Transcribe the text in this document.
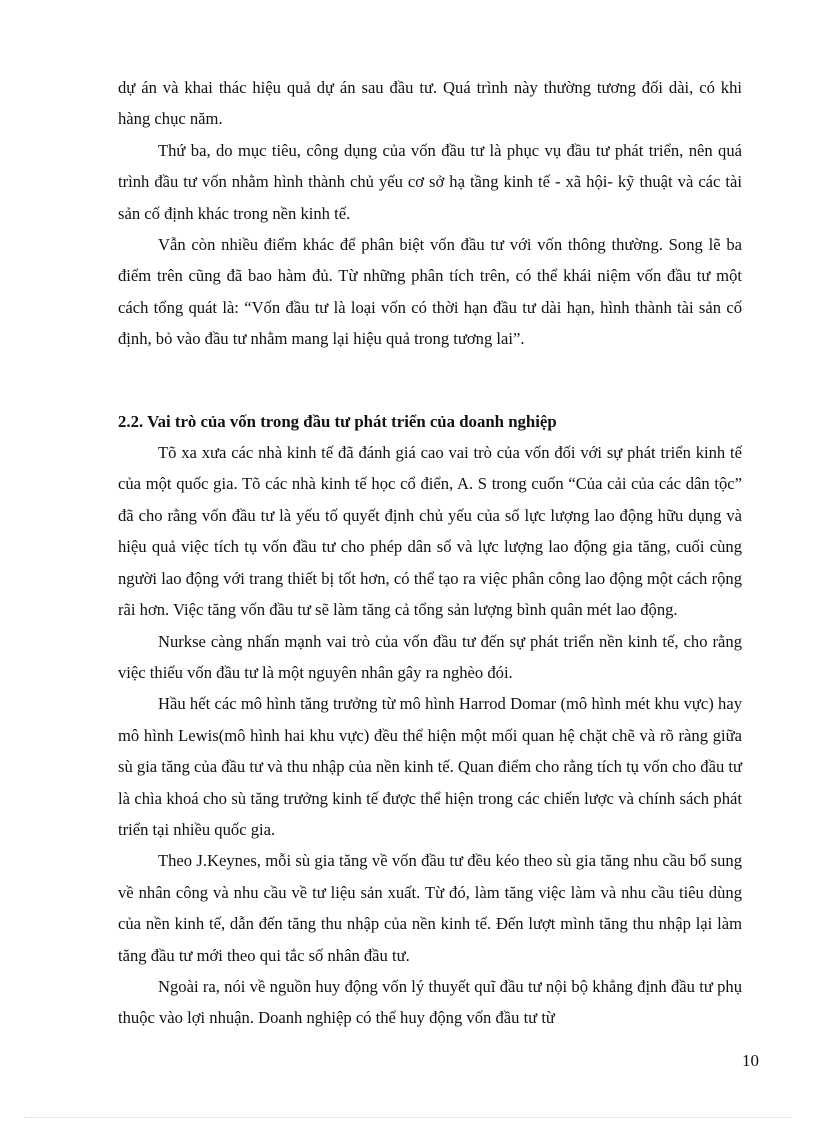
dự án và khai thác hiệu quả dự án sau đầu tư. Quá trình này thường tương đối dài, có khi hàng chục năm.

Thứ ba, do mục tiêu, công dụng của vốn đầu tư là phục vụ đầu tư phát triển, nên quá trình đầu tư vốn nhằm hình thành chủ yếu cơ sở hạ tầng kinh tế - xã hội- kỹ thuật và các tài sản cố định khác trong nền kinh tế.

Vẫn còn nhiều điểm khác để phân biệt vốn đầu tư với vốn thông thường. Song lẽ ba điểm trên cũng đã bao hàm đủ. Từ những phân tích trên, có thể khái niệm vốn đầu tư một cách tổng quát là: “Vốn đầu tư là loại vốn có thời hạn đầu tư dài hạn, hình thành tài sản cố định, bỏ vào đầu tư nhằm mang lại hiệu quả trong tương lai”.

2.2. Vai trò của vốn trong đầu tư phát triển của doanh nghiệp

Tõ xa xưa các nhà kinh tế đã đánh giá cao vai trò của vốn đối với sự phát triển kinh tế của một quốc gia. Tõ các nhà kinh tế học cổ điển, A. S trong cuốn “Của cải của các dân tộc” đã cho rằng vốn đầu tư là yếu tố quyết định chủ yếu của số lực lượng lao động hữu dụng và hiệu quả việc tích tụ vốn đầu tư cho phép dân số và lực lượng lao động gia tăng, cuối cùng người lao động với trang thiết bị tốt hơn, có thể tạo ra việc phân công lao động một cách rộng rãi hơn. Việc tăng vốn đầu tư sẽ làm tăng cả tổng sản lượng bình quân mét lao động.

Nurkse càng nhấn mạnh vai trò của vốn đầu tư đến sự phát triển nền kinh tế, cho rằng việc thiếu vốn đầu tư là một nguyên nhân gây ra nghèo đói.

Hầu hết các mô hình tăng trưởng từ mô hình Harrod Domar (mô hình mét khu vực) hay mô hình Lewis(mô hình hai khu vực) đều thể hiện một mối quan hệ chặt chẽ và rõ ràng giữa sù gia tăng của đầu tư và thu nhập của nền kinh tế. Quan điểm cho rằng tích tụ vốn cho đầu tư là chìa khoá cho sù tăng trưởng kinh tế được thể hiện trong các chiến lược và chính sách phát triển tại nhiều quốc gia.

Theo J.Keynes, mỗi sù gia tăng về vốn đầu tư đều kéo theo sù gia tăng nhu cầu bổ sung về nhân công và nhu cầu về tư liệu sản xuất. Từ đó, làm tăng việc làm và nhu cầu tiêu dùng của nền kinh tế, dẫn đến tăng thu nhập của nền kinh tế. Đến lượt mình tăng thu nhập lại làm tăng đầu tư mới theo qui tắc số nhân đầu tư.

Ngoài ra, nói về nguồn huy động vốn lý thuyết quĩ đầu tư nội bộ khẳng định đầu tư phụ thuộc vào lợi nhuận. Doanh nghiệp có thể huy động vốn đầu tư từ

10
